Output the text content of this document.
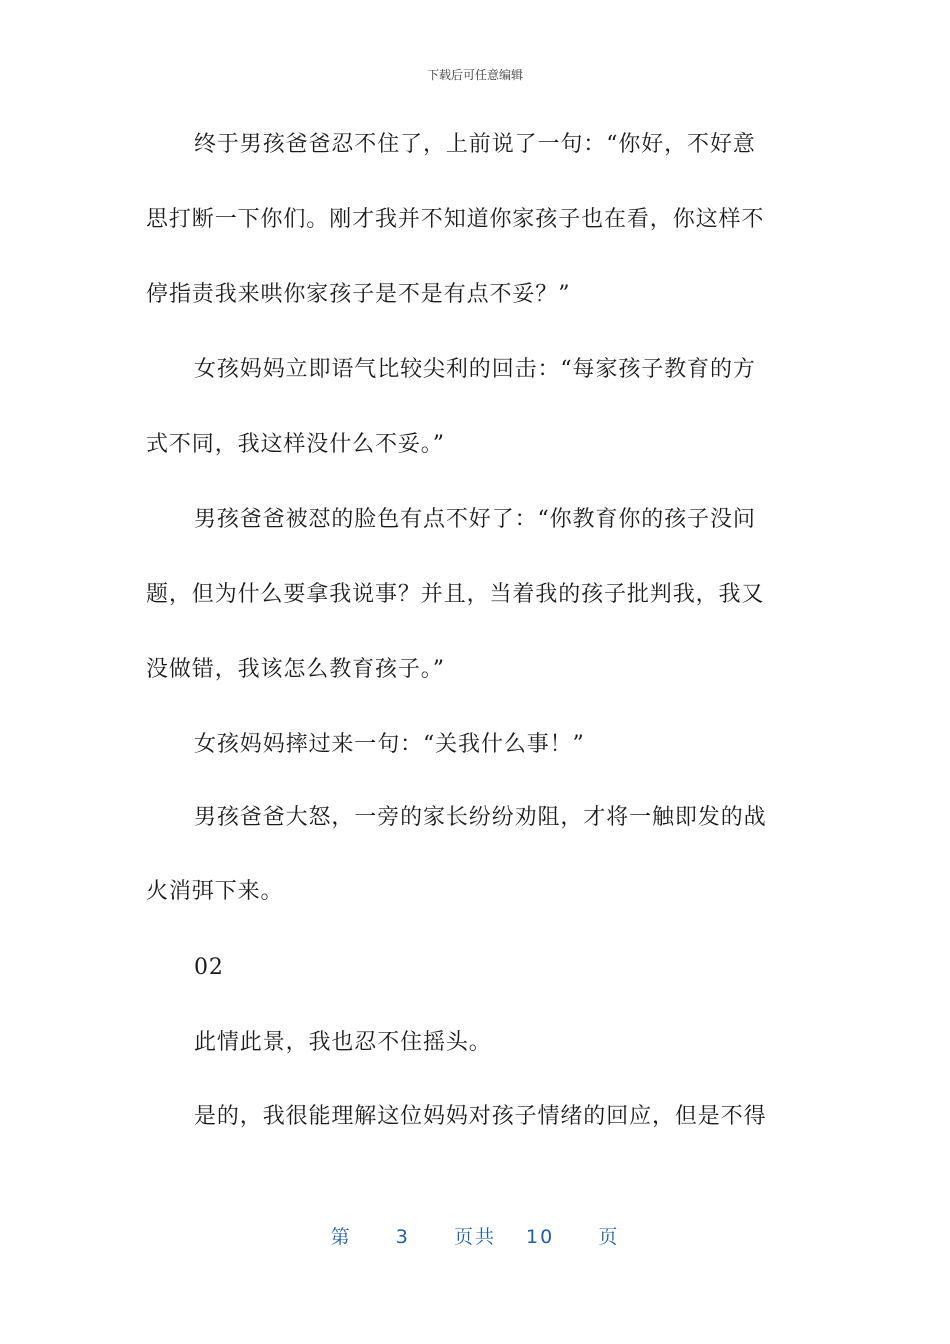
下载后可任意编辑
终于男孩爸爸忍不住了，上前说了一句：“你好，不好意
思打断一下你们。刚才我并不知道你家孩子也在看，你这样不
停指责我来哄你家孩子是不是有点不妥？”
女孩妈妈立即语气比较尖利的回击：“每家孩子教育的方
式不同，我这样没什么不妥。”
男孩爸爸被怼的脸色有点不好了：“你教育你的孩子没问
题，但为什么要拿我说事？并且，当着我的孩子批判我，我又
没做错，我该怎么教育孩子。”
女孩妈妈摔过来一句：“关我什么事！”
男孩爸爸大怒，一旁的家长纷纷劝阻，才将一触即发的战
火消弭下来。
02
此情此景，我也忍不住摇头。
是的，我很能理解这位妈妈对孩子情绪的回应，但是不得
第 3 页共 10 页
